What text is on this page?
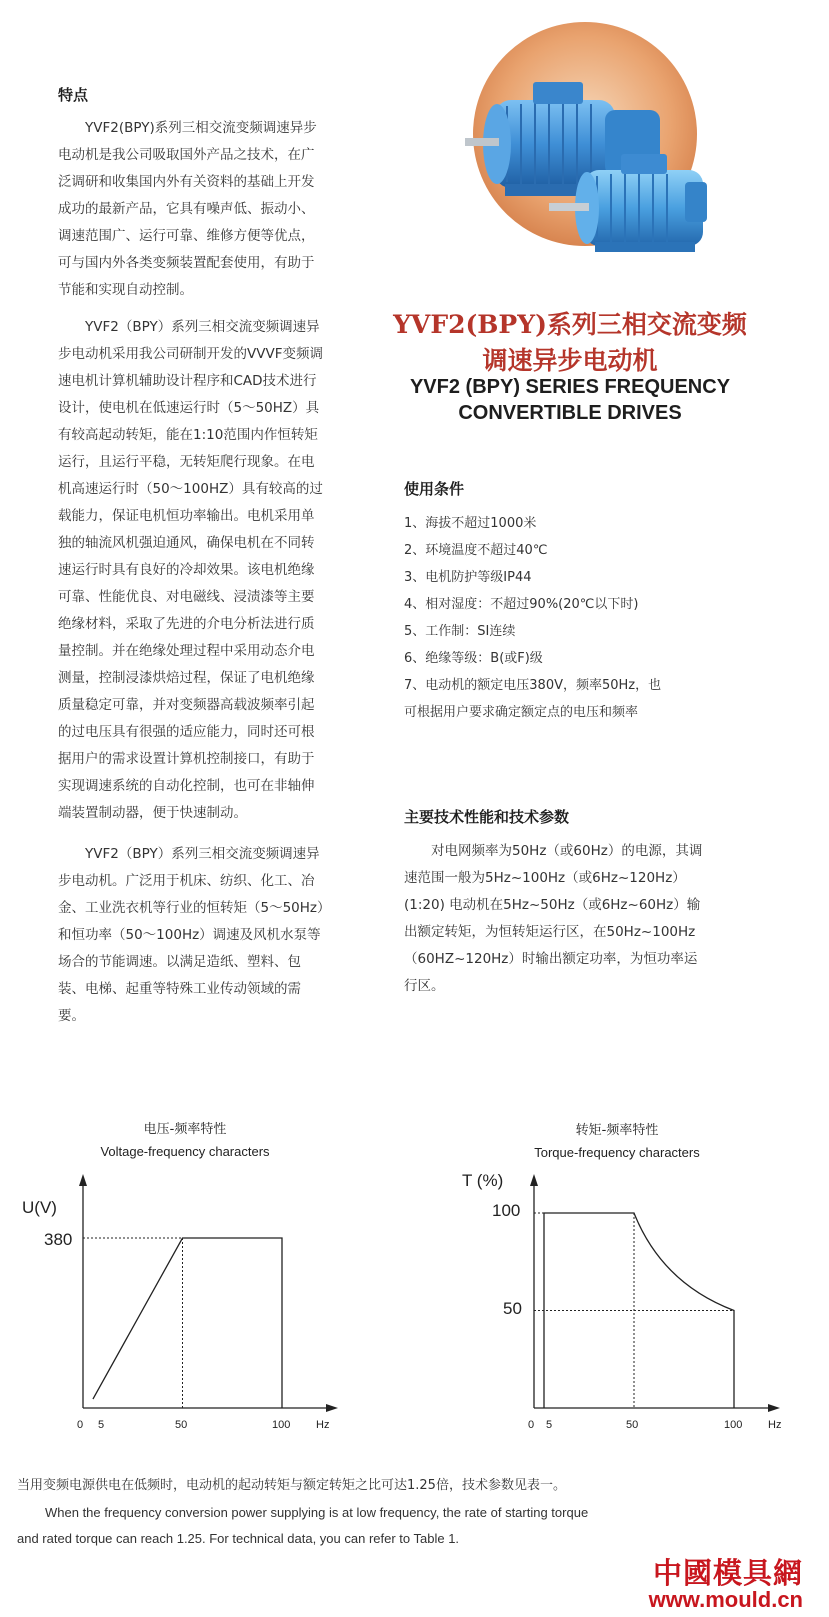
特点

YVF2(BPY)系列三相交流变频调速异步电动机是我公司吸取国外产品之技术，在广泛调研和收集国内外有关资料的基础上开发成功的最新产品，它具有噪声低、振动小、调速范围广、运行可靠、维修方便等优点，可与国内外各类变频装置配套使用，有助于节能和实现自动控制。

YVF2（BPY）系列三相交流变频调速异步电动机采用我公司研制开发的VVVF变频调速电机计算机辅助设计程序和CAD技术进行设计，使电机在低速运行时（5～50HZ）具有较高起动转矩，能在1:10范围内作恒转矩运行，且运行平稳，无转矩爬行现象。在电机高速运行时（50～100HZ）具有较高的过载能力，保证电机恒功率输出。电机采用单独的轴流风机强迫通风，确保电机在不同转速运行时具有良好的冷却效果。该电机绝缘可靠、性能优良、对电磁线、浸渍漆等主要绝缘材料，采取了先进的介电分析法进行质量控制。并在绝缘处理过程中采用动态介电测量，控制浸漆烘焙过程，保证了电机绝缘质量稳定可靠，并对变频器高载波频率引起的过电压具有很强的适应能力，同时还可根据用户的需求设置计算机控制接口，有助于实现调速系统的自动化控制，也可在非轴伸端装置制动器，便于快速制动。

YVF2（BPY）系列三相交流变频调速异步电动机。广泛用于机床、纺织、化工、冶金、工业洗衣机等行业的恒转矩（5～50Hz）和恒功率（50～100Hz）调速及风机水泵等场合的节能调速。以满足造纸、塑料、包装、电梯、起重等特殊工业传动领域的需要。

YVF2(BPY)系列三相交流变频
调速异步电动机
YVF2 (BPY) SERIES FREQUENCY
CONVERTIBLE DRIVES
使用条件
1、海拔不超过1000米
2、环境温度不超过40℃
3、电机防护等级IP44
4、相对湿度：不超过90%(20℃以下时)
5、工作制：SI连续
6、绝缘等级：B(或F)级
7、电动机的额定电压380V，频率50Hz，也
可根据用户要求确定额定点的电压和频率
主要技术性能和技术参数

对电网频率为50Hz（或60Hz）的电源，其调速范围一般为5Hz~100Hz（或6Hz~120Hz）(1:20) 电动机在5Hz~50Hz（或6Hz~60Hz）输出额定转矩，为恒转矩运行区，在50Hz~100Hz（60HZ~120Hz）时输出额定功率，为恒功率运行区。

电压-频率特性
Voltage-frequency characters
转矩-频率特性
Torque-frequency characters
U(V)
380
0 5	50	100 Hz
T (%)
100
50
0 5	50	100 Hz
当用变频电源供电在低频时，电动机的起动转矩与额定转矩之比可达1.25倍，技术参数见表一。

When the frequency conversion power supplying is at low frequency, the rate of starting torque

and rated torque can reach 1.25. For technical data, you can refer to Table 1.

中國模具網
www.mould.cn
